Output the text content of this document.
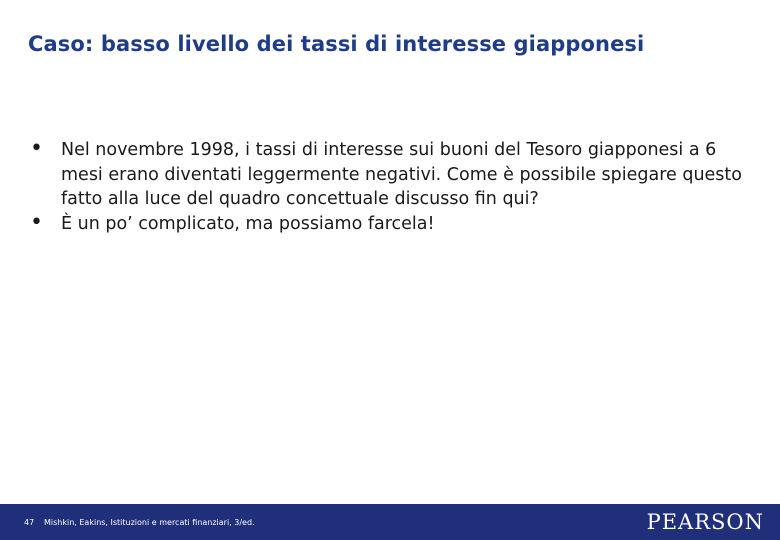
Caso: basso livello dei tassi di interesse giapponesi
• Nel novembre 1998, i tassi di interesse sui buoni del Tesoro giapponesi a 6 mesi erano diventati leggermente negativi. Come è possibile spiegare questo fatto alla luce del quadro concettuale discusso fin qui?
• È un po’ complicato, ma possiamo farcela!
47 Mishkin, Eakins, Istituzioni e mercati finanziari, 3/ed.	PEARSON
